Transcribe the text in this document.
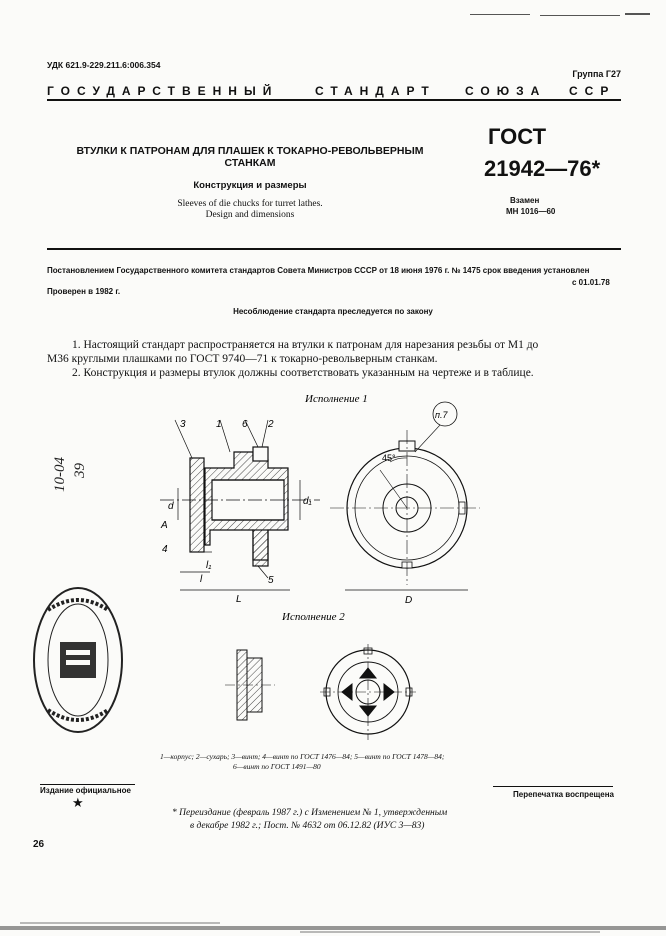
УДК 621.9-229.211.6:006.354
Группа Г27
ГОСУДАРСТВЕННЫЙ	СТАНДАРТ СОЮЗА ССР
ВТУЛКИ К ПАТРОНАМ ДЛЯ ПЛАШЕК К ТОКАРНО-РЕВОЛЬВЕРНЫМ
СТАНКАМ
Конструкция и размеры
Sleeves of die chucks for turret lathes.
Design and dimensions
ГОСТ
21942—76*
Взамен
МН 1016—60
Постановлением Государственного комитета стандартов Совета Министров СССР от 18 июня 1976 г. № 1475 срок введения установлен
с 01.01.78
Проверен в 1982 г.
Несоблюдение стандарта преследуется по закону
1. Настоящий стандарт распространяется на втулки к патронам для нарезания резьбы от М1 до
М36 круглыми плашками по ГОСТ 9740—71 к токарно-револьверным станкам.
2. Конструкция и размеры втулок должны соответствовать указанным на чертеже и в таблице.
Исполнение 1
3	1 6 2
d
A
4
l₁
l
L
5
d₁
45°
D
п.7
Исполнение 2
1—корпус; 2—сухарь; 3—винт; 4—винт по ГОСТ 1476—84; 5—винт по ГОСТ 1478—84;
6—винт по ГОСТ 1491—80
Издание официальное
★
Перепечатка воспрещена
* Переиздание (февраль 1987 г.) с Изменением № 1, утвержденным
в декабре 1982 г.; Пост. № 4632 от 06.12.82 (ИУС 3—83)
26
10-04 39
